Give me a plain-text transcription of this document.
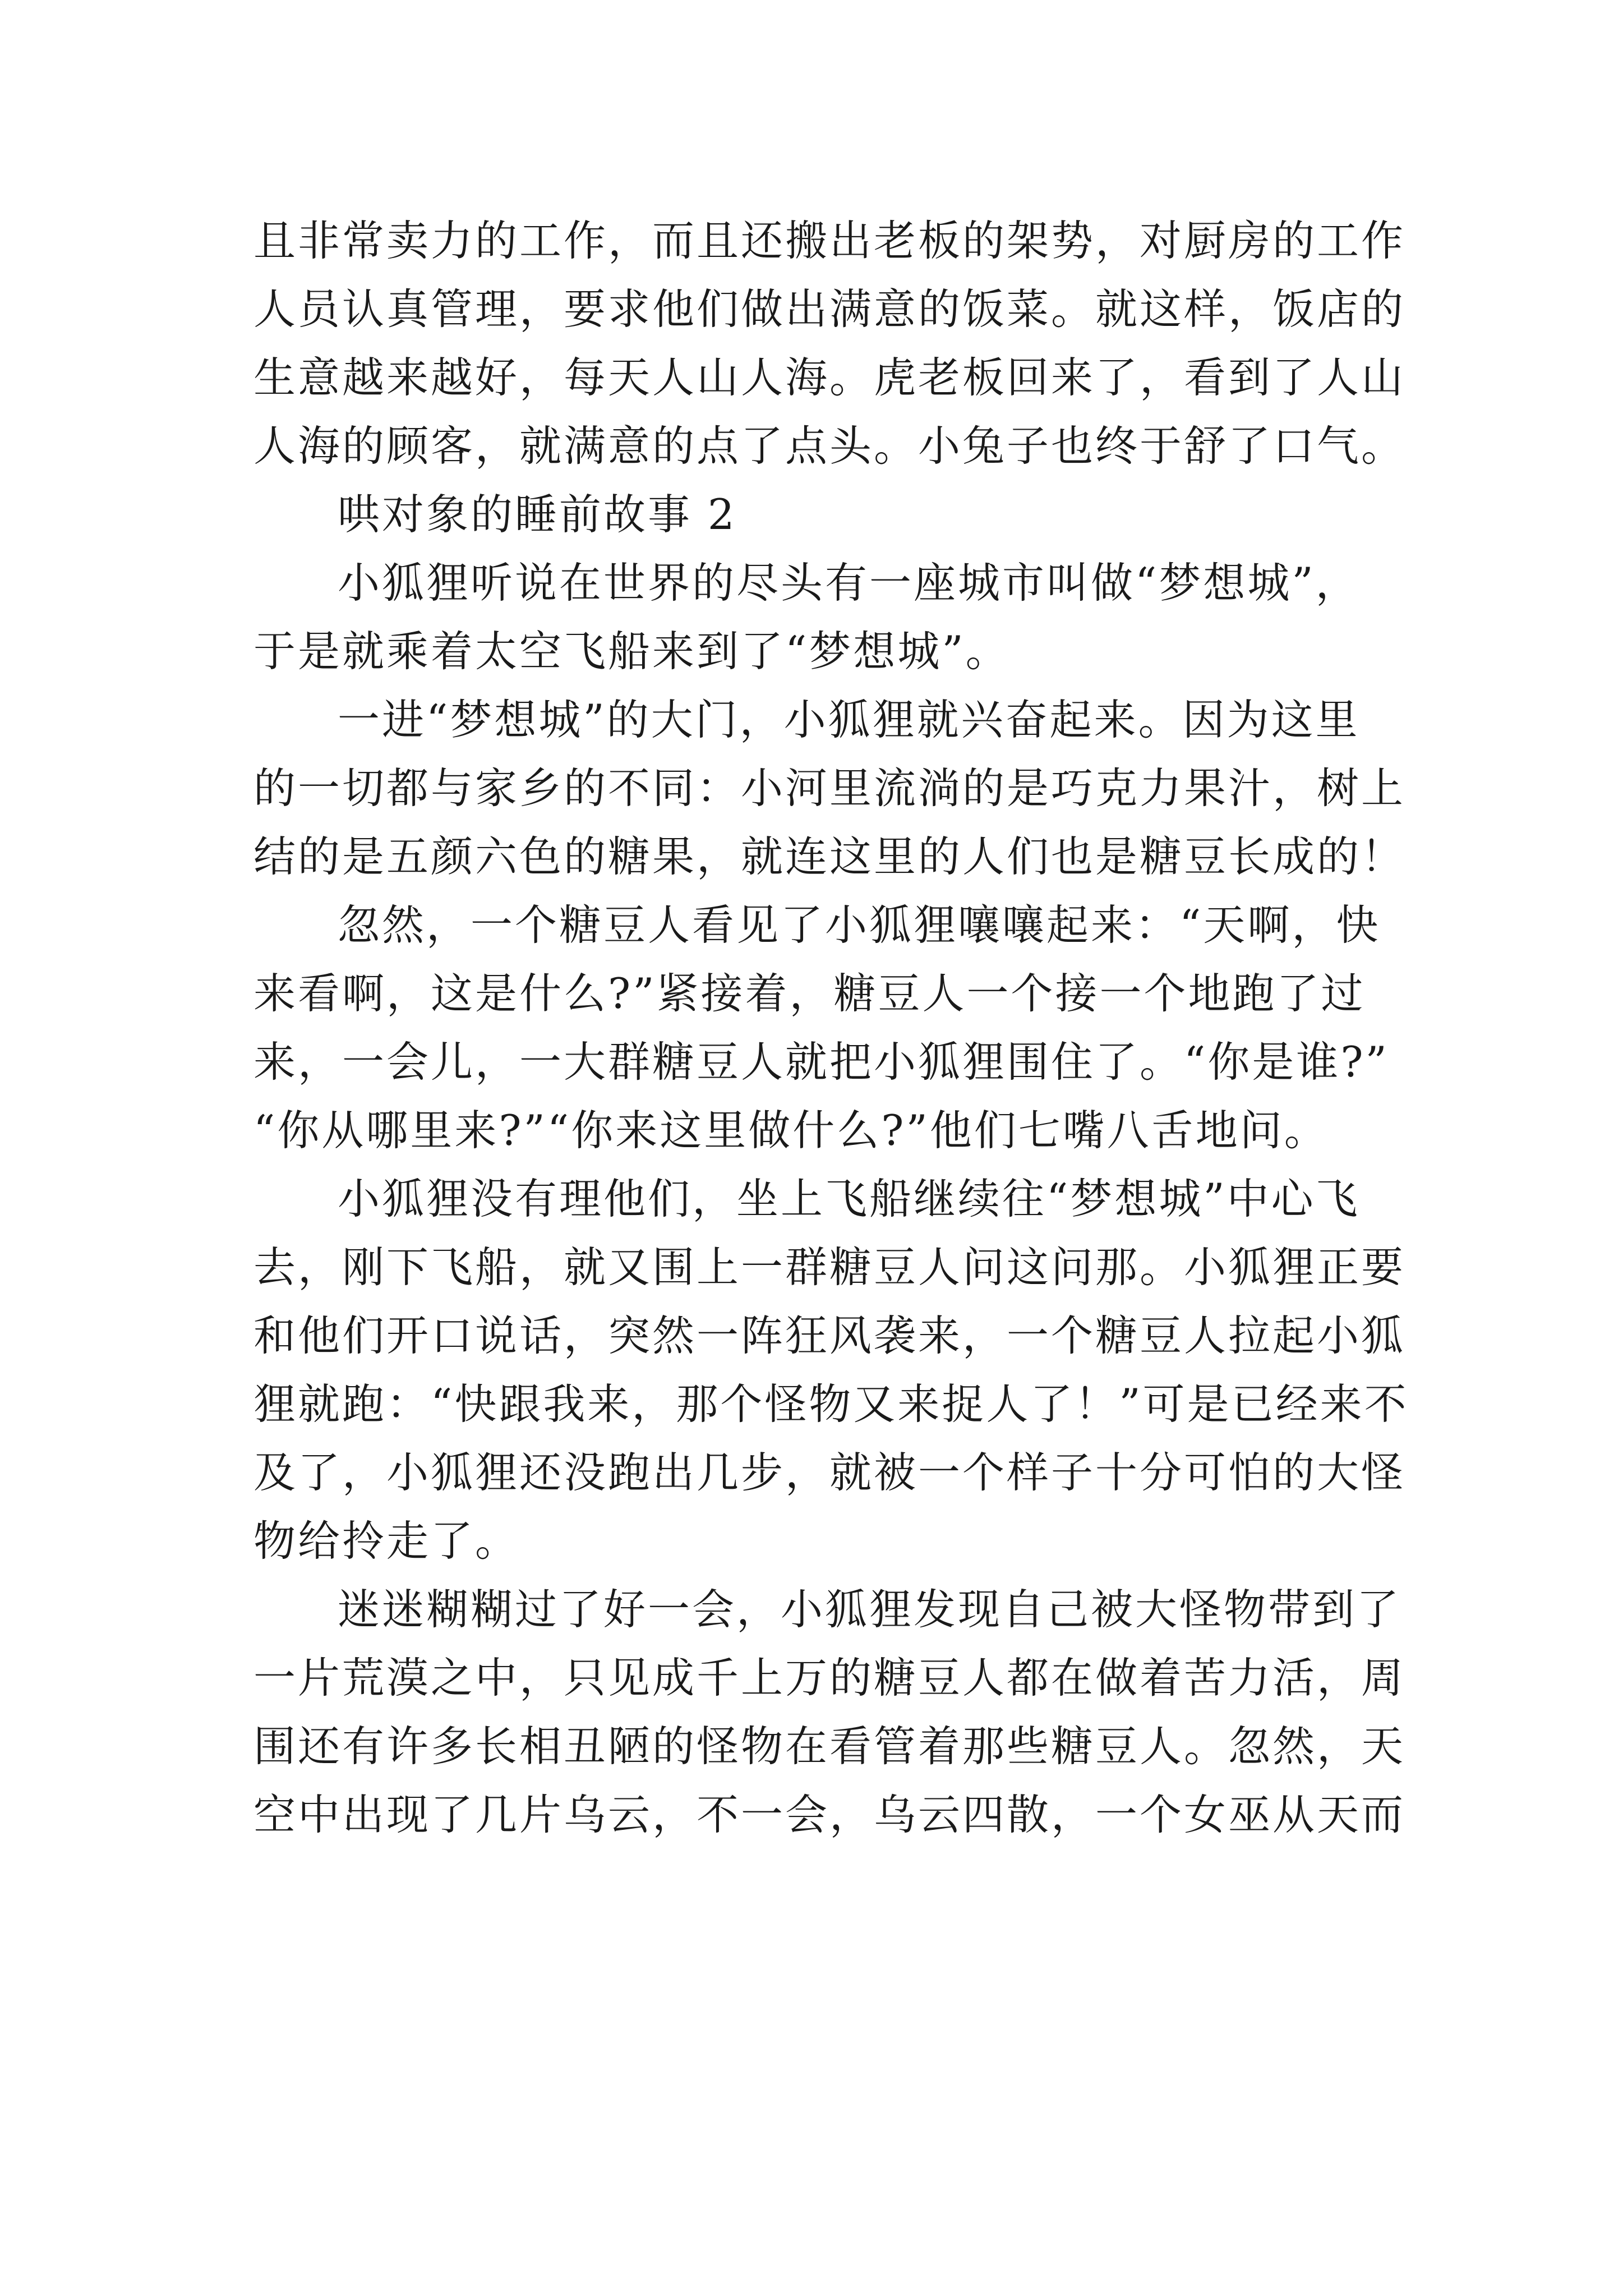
且非常卖力的工作，而且还搬出老板的架势，对厨房的工作
人员认真管理，要求他们做出满意的饭菜。就这样，饭店的
生意越来越好，每天人山人海。虎老板回来了，看到了人山
人海的顾客，就满意的点了点头。小兔子也终于舒了口气。
哄对象的睡前故事 2
小狐狸听说在世界的尽头有一座城市叫做“梦想城”，
于是就乘着太空飞船来到了“梦想城”。
一进“梦想城”的大门，小狐狸就兴奋起来。因为这里
的一切都与家乡的不同：小河里流淌的是巧克力果汁，树上
结的是五颜六色的糖果，就连这里的人们也是糖豆长成的！
忽然，一个糖豆人看见了小狐狸嚷嚷起来：“天啊，快
来看啊，这是什么?”紧接着，糖豆人一个接一个地跑了过
来，一会儿，一大群糖豆人就把小狐狸围住了。“你是谁?”
“你从哪里来?”“你来这里做什么?”他们七嘴八舌地问。
小狐狸没有理他们，坐上飞船继续往“梦想城”中心飞
去，刚下飞船，就又围上一群糖豆人问这问那。小狐狸正要
和他们开口说话，突然一阵狂风袭来，一个糖豆人拉起小狐
狸就跑：“快跟我来，那个怪物又来捉人了！”可是已经来不
及了，小狐狸还没跑出几步，就被一个样子十分可怕的大怪
物给拎走了。
迷迷糊糊过了好一会，小狐狸发现自己被大怪物带到了
一片荒漠之中，只见成千上万的糖豆人都在做着苦力活，周
围还有许多长相丑陋的怪物在看管着那些糖豆人。忽然，天
空中出现了几片乌云，不一会，乌云四散，一个女巫从天而
